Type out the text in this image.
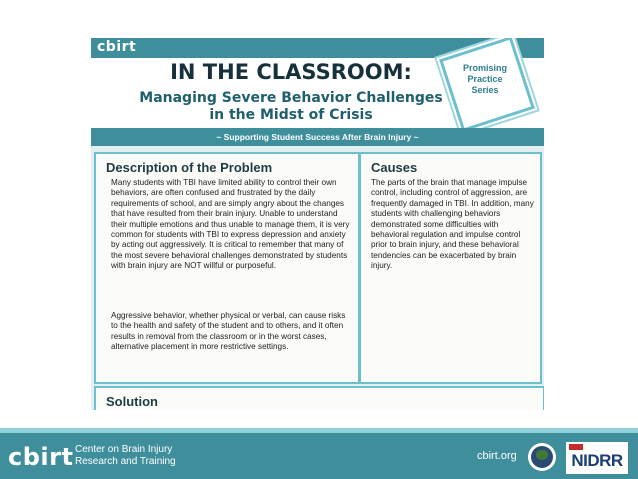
cbirt
IN THE CLASSROOM:
Managing Severe Behavior Challenges
in the Midst of Crisis
Promising
Practice
Series
~ Supporting Student Success After Brain Injury ~
Description of the Problem
Many students with TBI have limited ability to control their own behaviors, are often confused and frustrated by the daily requirements of school, and are simply angry about the changes that have resulted from their brain injury. Unable to understand their multiple emotions and thus unable to manage them, it is very common for students with TBI to express depression and anxiety by acting out aggressively. It is critical to remember that many of the most severe behavioral challenges demonstrated by students with brain injury are NOT willful or purposeful.
Aggressive behavior, whether physical or verbal, can cause risks to the health and safety of the student and to others, and it often results in removal from the classroom or in the worst cases, alternative placement in more restrictive settings.
Causes
The parts of the brain that manage impulse control, including control of aggression, are frequently damaged in TBI. In addition, many students with challenging behaviors demonstrated some difficulties with behavioral regulation and impulse control prior to brain injury, and these behavioral tendencies can be exacerbated by brain injury.
Solution
cbirt Center on Brain Injury
Research and Training	cbirt.org	NIDRR
